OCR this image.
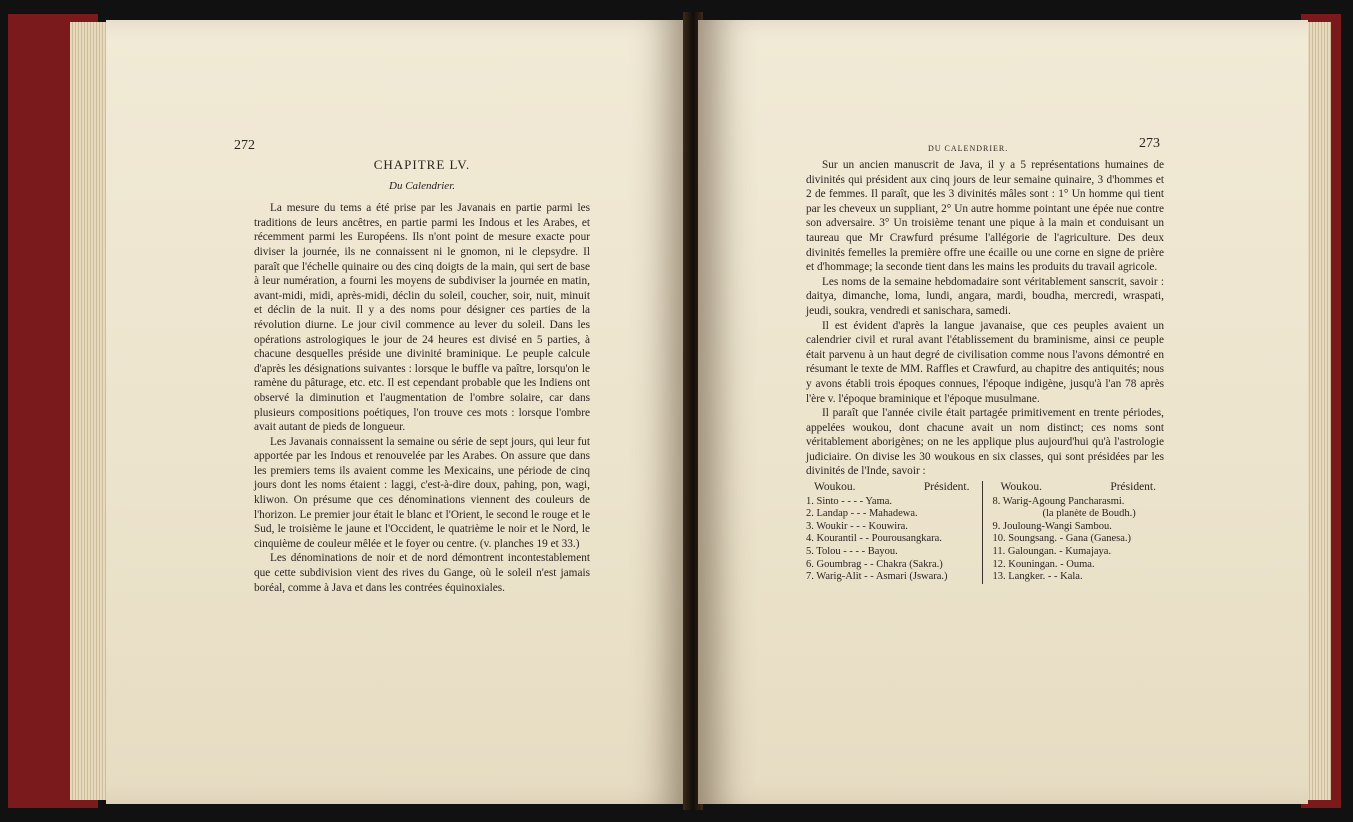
272
CHAPITRE LV.
Du Calendrier.

La mesure du tems a été prise par les Javanais en partie parmi les traditions de leurs ancêtres, en partie parmi les Indous et les Arabes, et récemment parmi les Européens. Ils n'ont point de mesure exacte pour diviser la journée, ils ne connaissent ni le gnomon, ni le clepsydre. Il paraît que l'échelle quinaire ou des cinq doigts de la main, qui sert de base à leur numération, a fourni les moyens de subdiviser la journée en matin, avant-midi, midi, après-midi, déclin du soleil, coucher, soir, nuit, minuit et déclin de la nuit. Il y a des noms pour désigner ces parties de la révolution diurne. Le jour civil commence au lever du soleil. Dans les opérations astrologiques le jour de 24 heures est divisé en 5 parties, à chacune desquelles préside une divinité braminique. Le peuple calcule d'après les désignations suivantes : lorsque le buffle va paître, lorsqu'on le ramène du pâturage, etc. etc. Il est cependant probable que les Indiens ont observé la diminution et l'augmentation de l'ombre solaire, car dans plusieurs compositions poétiques, l'on trouve ces mots : lorsque l'ombre avait autant de pieds de longueur.

Les Javanais connaissent la semaine ou série de sept jours, qui leur fut apportée par les Indous et renouvelée par les Arabes. On assure que dans les premiers tems ils avaient comme les Mexicains, une période de cinq jours dont les noms étaient : laggi, c'est-à-dire doux, pahing, pon, wagi, kliwon. On présume que ces dénominations viennent des couleurs de l'horizon. Le premier jour était le blanc et l'Orient, le second le rouge et le Sud, le troisième le jaune et l'Occident, le quatrième le noir et le Nord, le cinquième de couleur mêlée et le foyer ou centre. (v. planches 19 et 33.)

Les dénominations de noir et de nord démontrent incontestablement que cette subdivision vient des rives du Gange, où le soleil n'est jamais boréal, comme à Java et dans les contrées équinoxiales.

DU CALENDRIER.	273

Sur un ancien manuscrit de Java, il y a 5 représentations humaines de divinités qui président aux cinq jours de leur semaine quinaire, 3 d'hommes et 2 de femmes. Il paraît, que les 3 divinités mâles sont : 1° Un homme qui tient par les cheveux un suppliant, 2° Un autre homme pointant une épée nue contre son adversaire. 3° Un troisième tenant une pique à la main et conduisant un taureau que Mr Crawfurd présume l'allégorie de l'agriculture. Des deux divinités femelles la première offre une écaille ou une corne en signe de prière et d'hommage; la seconde tient dans les mains les produits du travail agricole.

Les noms de la semaine hebdomadaire sont véritablement sanscrit, savoir : daitya, dimanche, loma, lundi, angara, mardi, boudha, mercredi, wraspati, jeudi, soukra, vendredi et sanischara, samedi.

Il est évident d'après la langue javanaise, que ces peuples avaient un calendrier civil et rural avant l'établissement du braminisme, ainsi ce peuple était parvenu à un haut degré de civilisation comme nous l'avons démontré en résumant le texte de MM. Raffles et Crawfurd, au chapitre des antiquités; nous y avons établi trois époques connues, l'époque indigène, jusqu'à l'an 78 après l'ère v. l'époque braminique et l'époque musulmane.

Il paraît que l'année civile était partagée primitivement en trente périodes, appelées woukou, dont chacune avait un nom distinct; ces noms sont véritablement aborigènes; on ne les applique plus aujourd'hui qu'à l'astrologie judiciaire. On divise les 30 woukous en six classes, qui sont présidées par les divinités de l'Inde, savoir :

Woukou.	Président.
1. Sinto - - - - Yama.
2. Landap - - - Mahadewa.
3. Woukir - - - Kouwira.
4. Kourantil - - Pourousangkara.
5. Tolou - - - - Bayou.
6. Goumbrag - - Chakra (Sakra.)
7. Warig-Alit - - Asmari (Jswara.)
Woukou.	Président.
8. Warig-Agoung Pancharasmi.
(la planète de Boudh.)
9. Joulоung-Wangi Sambou.
10. Soungsang. - Gana (Ganesa.)
11. Galoungan. - Kumajaya.
12. Kouningan. - Ouma.
13. Langker. - - Kala.
